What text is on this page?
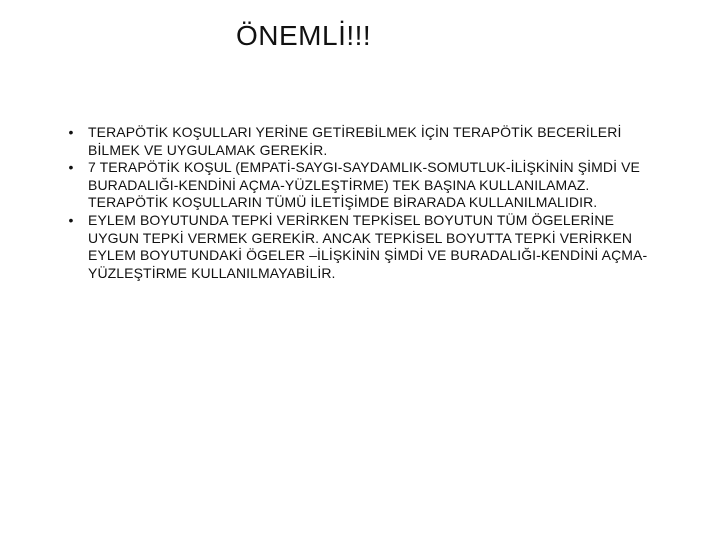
ÖNEMLİ!!!
• TERAPÖTİK KOŞULLARI YERİNE GETİREBİLMEK İÇİN TERAPÖTİK BECERİLERİ BİLMEK VE UYGULAMAK GEREKİR.
• 7 TERAPÖTİK KOŞUL (EMPATİ-SAYGI-SAYDAMLIK-SOMUTLUK-İLİŞKİNİN ŞİMDİ VE BURADALIĞI-KENDİNİ AÇMA-YÜZLEŞTİRME) TEK BAŞINA KULLANILAMAZ. TERAPÖTİK KOŞULLARIN TÜMÜ İLETİŞİMDE BİRARADA KULLANILMALIDIR.
• EYLEM BOYUTUNDA TEPKİ VERİRKEN TEPKİSEL BOYUTUN TÜM ÖGELERİNE UYGUN TEPKİ VERMEK GEREKİR. ANCAK TEPKİSEL BOYUTTA TEPKİ VERİRKEN EYLEM BOYUTUNDAKİ ÖGELER –İLİŞKİNİN ŞİMDİ VE BURADALIĞI-KENDİNİ AÇMA-YÜZLEŞTİRME KULLANILMAYABİLİR.
